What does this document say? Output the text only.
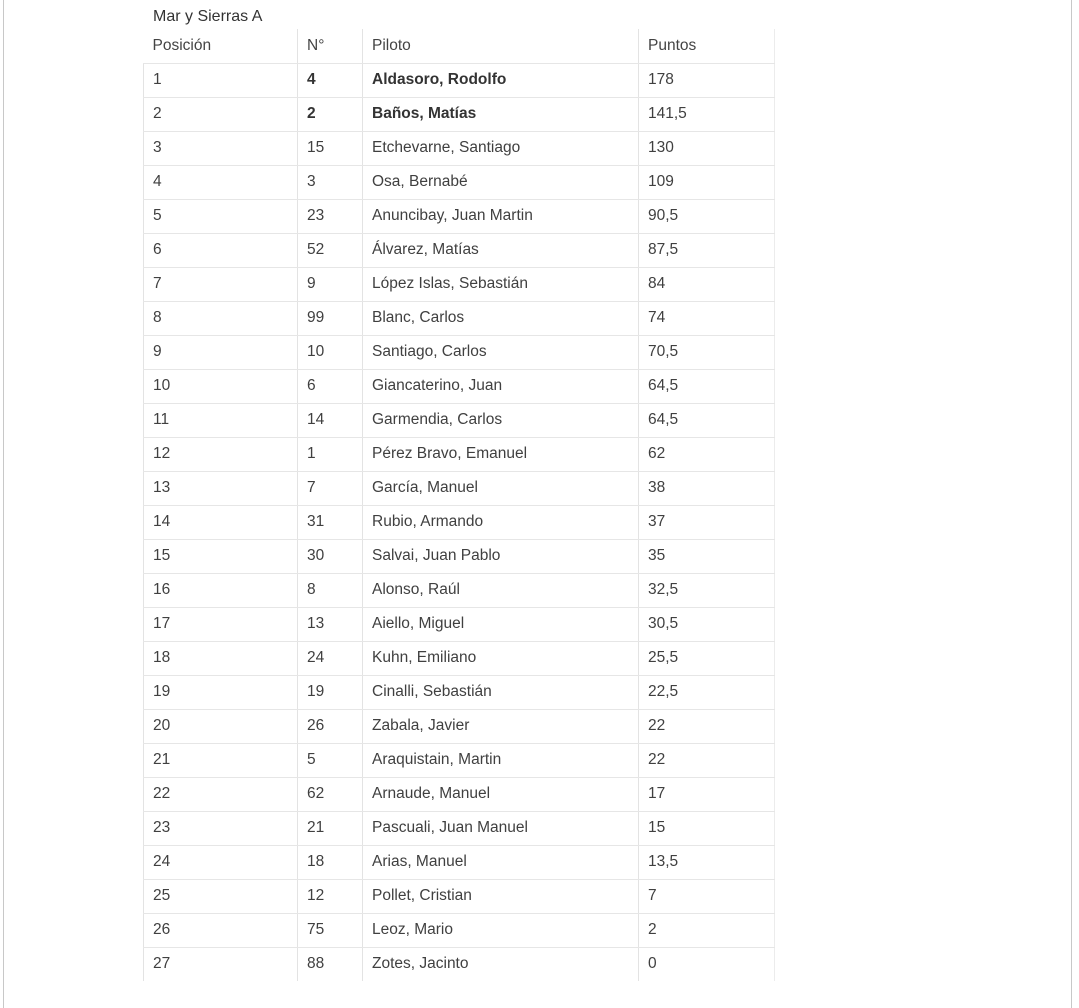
Mar y Sierras A
Posición	N°	Piloto	Puntos
1	4	Aldasoro, Rodolfo	178
2	2	Baños, Matías	141,5
3	15	Etchevarne, Santiago	130
4	3	Osa, Bernabé	109
5	23	Anuncibay, Juan Martin	90,5
6	52	Álvarez, Matías	87,5
7	9	López Islas, Sebastián	84
8	99	Blanc, Carlos	74
9	10	Santiago, Carlos	70,5
10	6	Giancaterino, Juan	64,5
11	14	Garmendia, Carlos	64,5
12	1	Pérez Bravo, Emanuel	62
13	7	García, Manuel	38
14	31	Rubio, Armando	37
15	30	Salvai, Juan Pablo	35
16	8	Alonso, Raúl	32,5
17	13	Aiello, Miguel	30,5
18	24	Kuhn, Emiliano	25,5
19	19	Cinalli, Sebastián	22,5
20	26	Zabala, Javier	22
21	5	Araquistain, Martin	22
22	62	Arnaude, Manuel	17
23	21	Pascuali, Juan Manuel	15
24	18	Arias, Manuel	13,5
25	12	Pollet, Cristian	7
26	75	Leoz, Mario	2
27	88	Zotes, Jacinto	0
